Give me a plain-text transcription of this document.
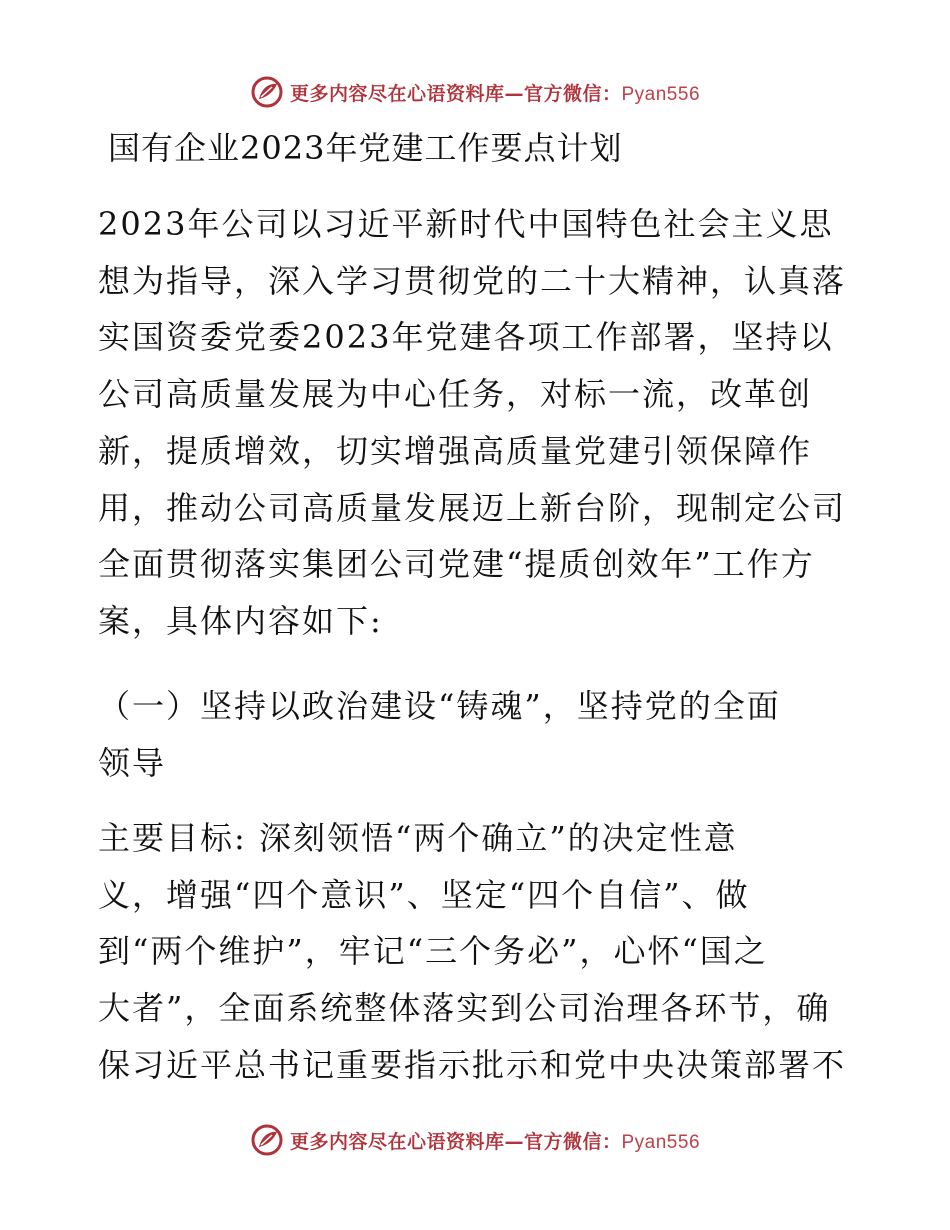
更多内容尽在心语资料库—官方微信：Pyan556
国有企业2023年党建工作要点计划
2023年公司以习近平新时代中国特色社会主义思
想为指导，深入学习贯彻党的二十大精神，认真落
实国资委党委2023年党建各项工作部署，坚持以
公司高质量发展为中心任务，对标一流，改革创
新，提质增效，切实增强高质量党建引领保障作
用，推动公司高质量发展迈上新台阶，现制定公司
全面贯彻落实集团公司党建“提质创效年”工作方
案，具体内容如下:
（一）坚持以政治建设“铸魂”，坚持党的全面
领导
主要目标: 深刻领悟“两个确立”的决定性意
义，增强“四个意识”、坚定“四个自信”、做
到“两个维护”，牢记“三个务必”，心怀“国之
大者”，全面系统整体落实到公司治理各环节，确
保习近平总书记重要指示批示和党中央决策部署不
更多内容尽在心语资料库—官方微信：Pyan556
